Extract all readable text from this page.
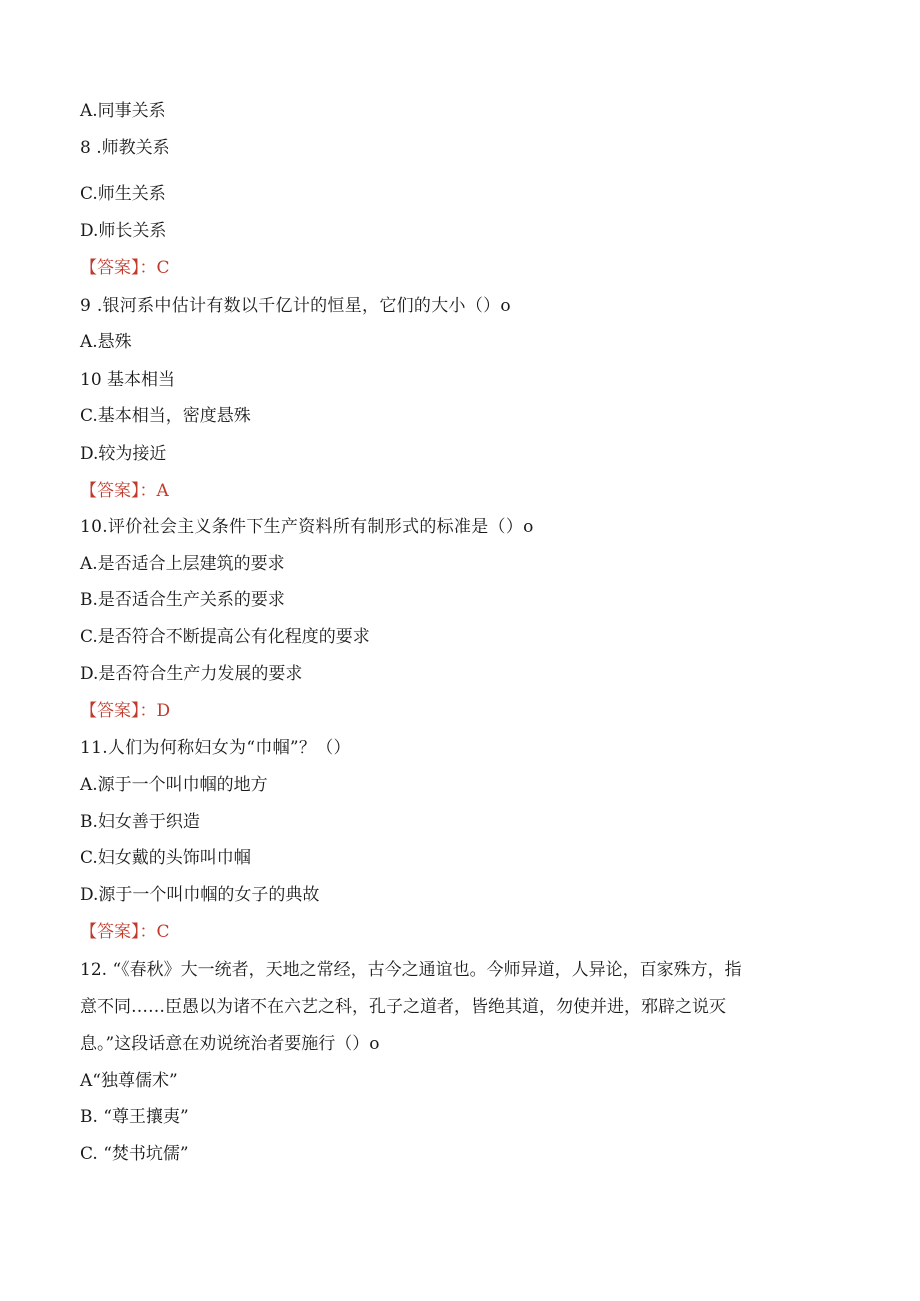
A.同事关系
8 .师教关系
C.师生关系
D.师长关系
【答案】：C
9 .银河系中估计有数以千亿计的恒星，它们的大小（）o
A.悬殊
10 基本相当
C.基本相当，密度悬殊
D.较为接近
【答案】：A
10.评价社会主义条件下生产资料所有制形式的标准是（）o
A.是否适合上层建筑的要求
B.是否适合生产关系的要求
C.是否符合不断提高公有化程度的要求
D.是否符合生产力发展的要求
【答案】：D
11.人们为何称妇女为“巾帼”？（）
A.源于一个叫巾帼的地方
B.妇女善于织造
C.妇女戴的头饰叫巾帼
D.源于一个叫巾帼的女子的典故
【答案】：C
12. “《春秋》大一统者，天地之常经，古今之通谊也。今师异道，人异论，百家殊方，指
意不同……臣愚以为诸不在六艺之科，孔子之道者，皆绝其道，勿使并进，邪辟之说灭
息。”这段话意在劝说统治者要施行（）o
A“独尊儒术”
B. “尊王攘夷”
C. “焚书坑儒”
